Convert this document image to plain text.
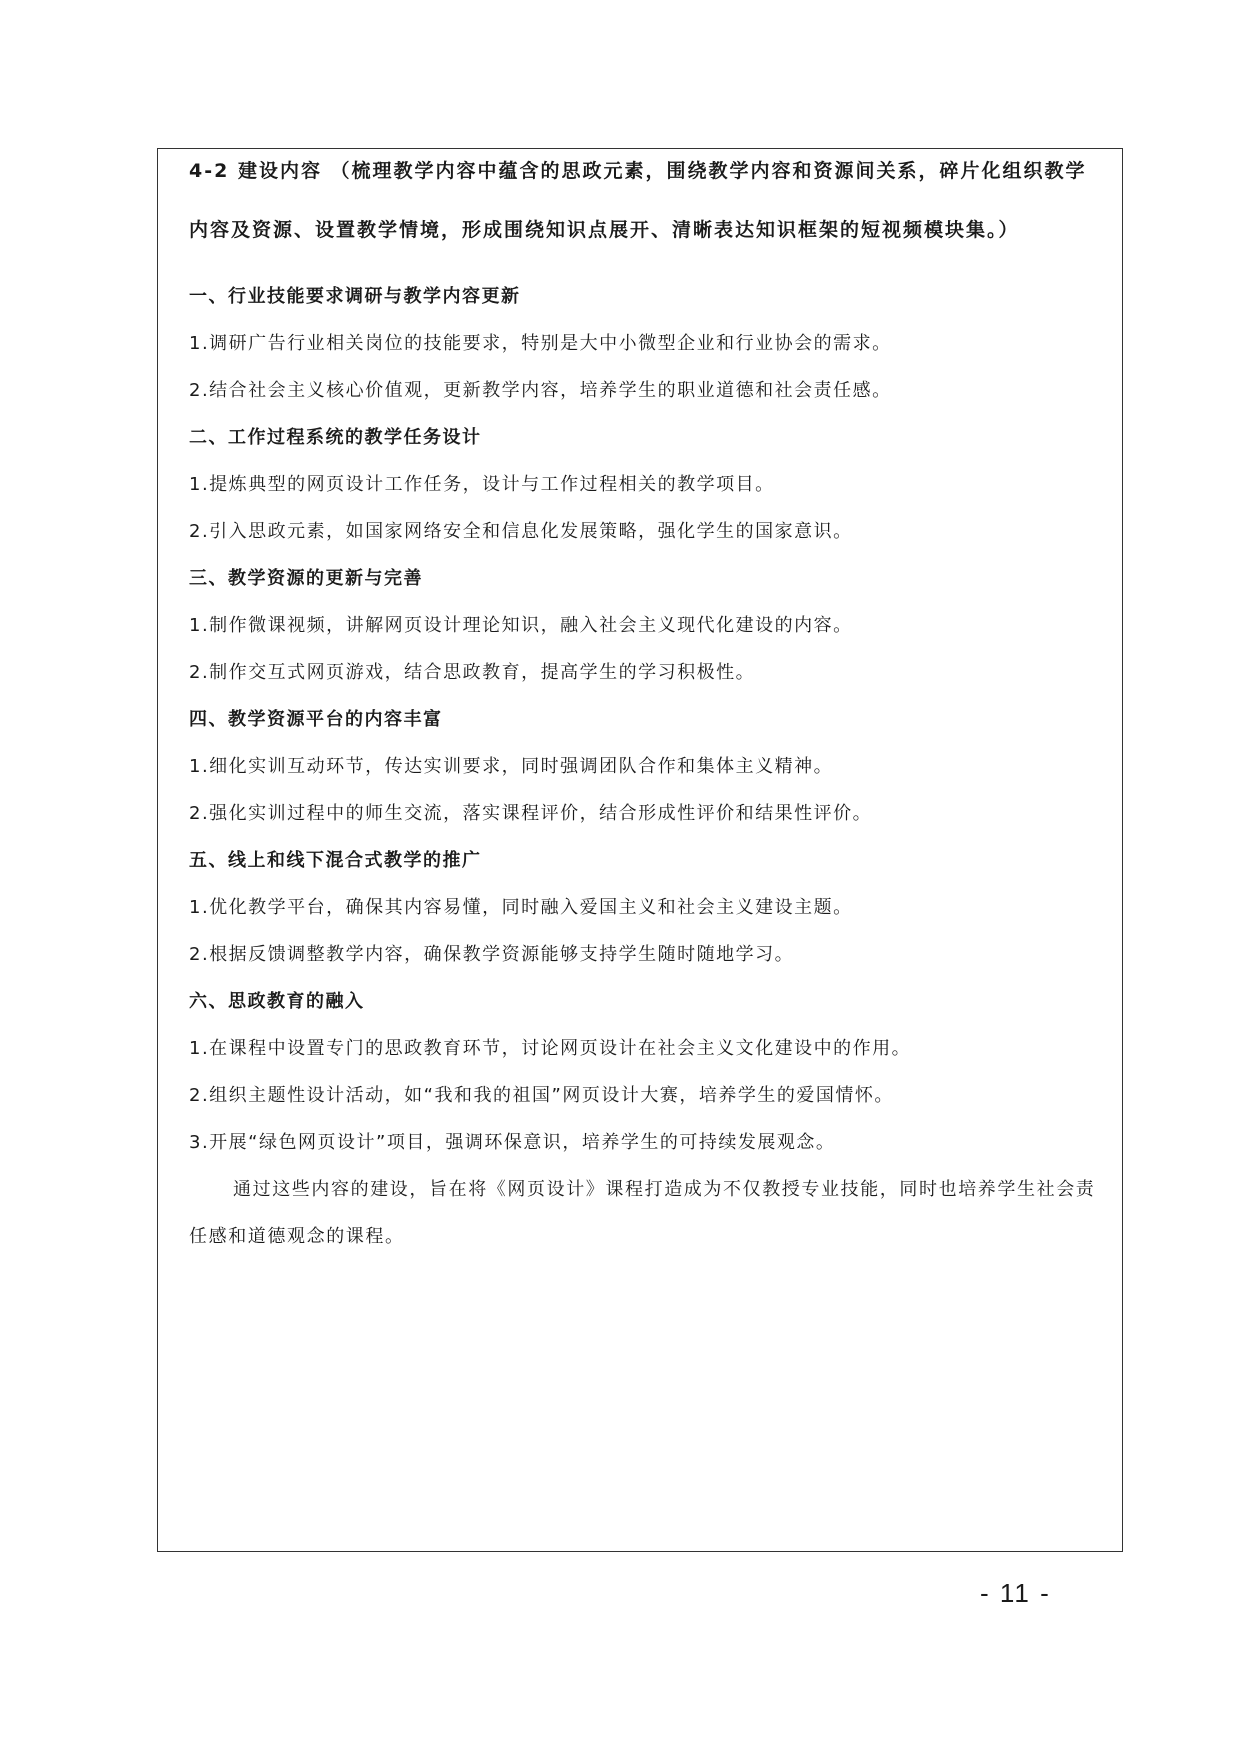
4-2 建设内容 （梳理教学内容中蕴含的思政元素，围绕教学内容和资源间关系，碎片化组织教学
内容及资源、设置教学情境，形成围绕知识点展开、清晰表达知识框架的短视频模块集。）
一、行业技能要求调研与教学内容更新
1.调研广告行业相关岗位的技能要求，特别是大中小微型企业和行业协会的需求。
2.结合社会主义核心价值观，更新教学内容，培养学生的职业道德和社会责任感。
二、工作过程系统的教学任务设计
1.提炼典型的网页设计工作任务，设计与工作过程相关的教学项目。
2.引入思政元素，如国家网络安全和信息化发展策略，强化学生的国家意识。
三、教学资源的更新与完善
1.制作微课视频，讲解网页设计理论知识，融入社会主义现代化建设的内容。
2.制作交互式网页游戏，结合思政教育，提高学生的学习积极性。
四、教学资源平台的内容丰富
1.细化实训互动环节，传达实训要求，同时强调团队合作和集体主义精神。
2.强化实训过程中的师生交流，落实课程评价，结合形成性评价和结果性评价。
五、线上和线下混合式教学的推广
1.优化教学平台，确保其内容易懂，同时融入爱国主义和社会主义建设主题。
2.根据反馈调整教学内容，确保教学资源能够支持学生随时随地学习。
六、思政教育的融入
1.在课程中设置专门的思政教育环节，讨论网页设计在社会主义文化建设中的作用。
2.组织主题性设计活动，如“我和我的祖国”网页设计大赛，培养学生的爱国情怀。
3.开展“绿色网页设计”项目，强调环保意识，培养学生的可持续发展观念。
通过这些内容的建设，旨在将《网页设计》课程打造成为不仅教授专业技能，同时也培养学生社会责任感和道德观念的课程。
- 11 -
